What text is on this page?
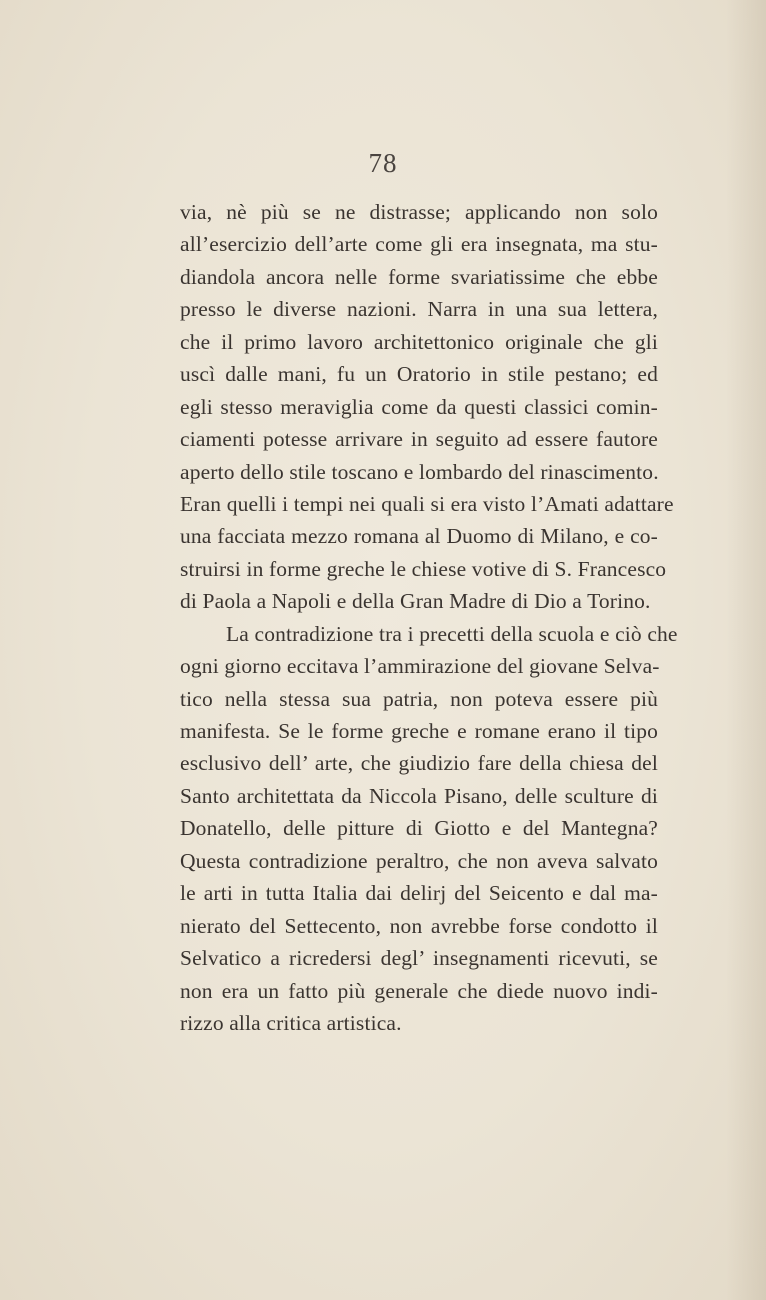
78
via, nè più se ne distrasse; applicando non solo
all’esercizio dell’arte come gli era insegnata, ma stu-
diandola ancora nelle forme svariatissime che ebbe
presso le diverse nazioni. Narra in una sua lettera,
che il primo lavoro architettonico originale che gli
uscì dalle mani, fu un Oratorio in stile pestano; ed
egli stesso meraviglia come da questi classici comin-
ciamenti potesse arrivare in seguito ad essere fautore
aperto dello stile toscano e lombardo del rinascimento.
Eran quelli i tempi nei quali si era visto l’Amati adattare
una facciata mezzo romana al Duomo di Milano, e co-
struirsi in forme greche le chiese votive di S. Francesco
di Paola a Napoli e della Gran Madre di Dio a Torino.
La contradizione tra i precetti della scuola e ciò che
ogni giorno eccitava l’ammirazione del giovane Selva-
tico nella stessa sua patria, non poteva essere più
manifesta. Se le forme greche e romane erano il tipo
esclusivo dell’ arte, che giudizio fare della chiesa del
Santo architettata da Niccola Pisano, delle sculture di
Donatello, delle pitture di Giotto e del Mantegna?
Questa contradizione peraltro, che non aveva salvato
le arti in tutta Italia dai delirj del Seicento e dal ma-
nierato del Settecento, non avrebbe forse condotto il
Selvatico a ricredersi degl’ insegnamenti ricevuti, se
non era un fatto più generale che diede nuovo indi-
rizzo alla critica artistica.
